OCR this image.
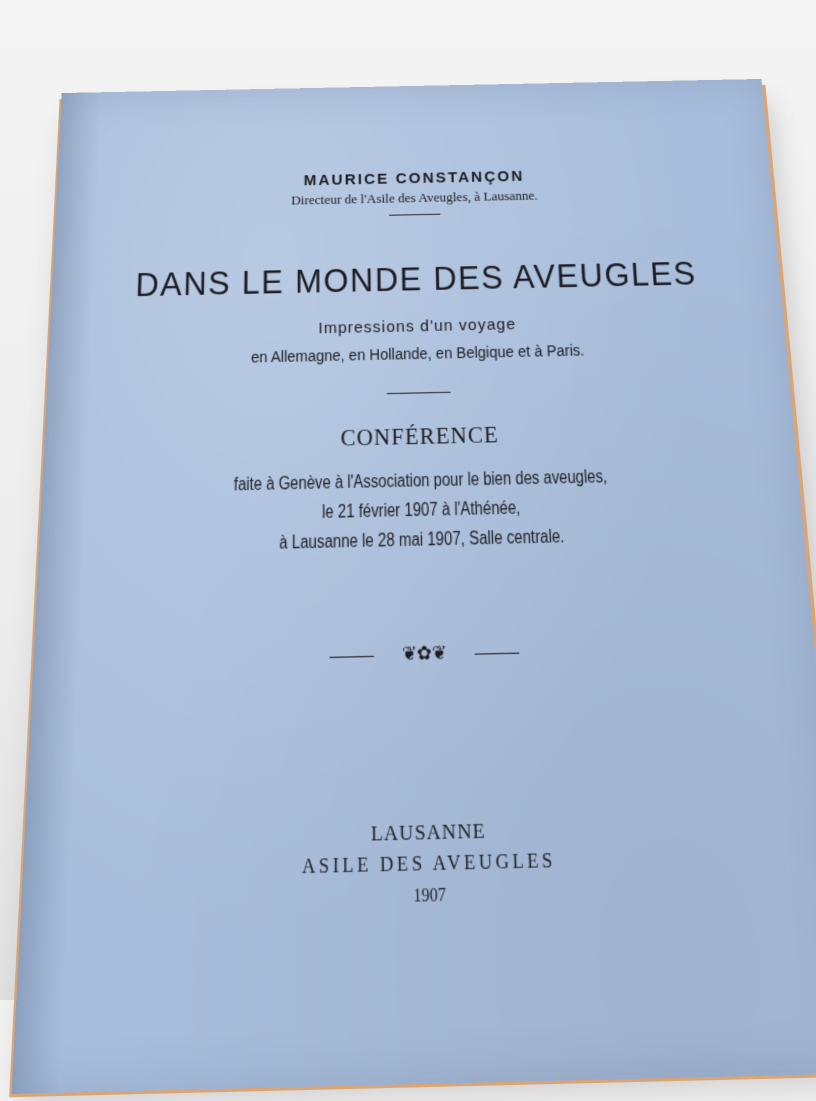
MAURICE CONSTANÇON
Directeur de l'Asile des Aveugles, à Lausanne.
DANS LE MONDE DES AVEUGLES
Impressions d'un voyage
en Allemagne, en Hollande, en Belgique et à Paris.
CONFÉRENCE
faite à Genève à l'Association pour le bien des aveugles,
le 21 février 1907 à l'Athénée,
à Lausanne le 28 mai 1907, Salle centrale.
❦✿❦
LAUSANNE
ASILE DES AVEUGLES
1907
